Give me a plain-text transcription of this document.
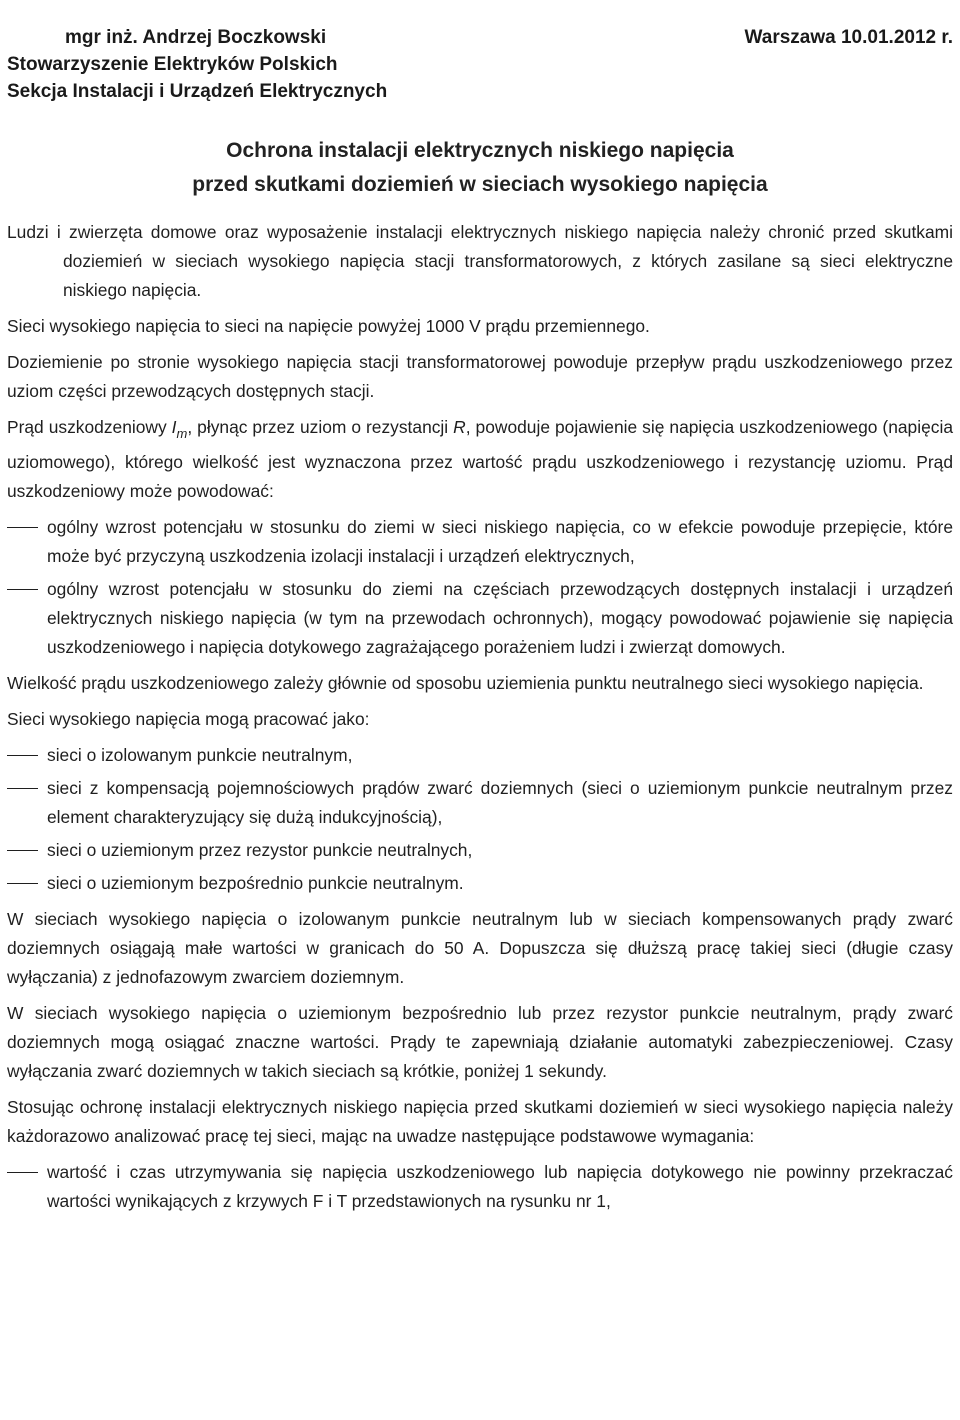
mgr inż. Andrzej Boczkowski
Stowarzyszenie Elektryków Polskich
Sekcja Instalacji i Urządzeń Elektrycznych
Warszawa 10.01.2012 r.
Ochrona instalacji elektrycznych niskiego napięcia
przed skutkami doziemień w sieciach wysokiego napięcia

Ludzi i zwierzęta domowe oraz wyposażenie instalacji elektrycznych niskiego napięcia należy chronić przed skutkami doziemień w sieciach wysokiego napięcia stacji transformatorowych, z których zasilane są sieci elektryczne niskiego napięcia.

Sieci wysokiego napięcia to sieci na napięcie powyżej 1000 V prądu przemiennego.

Doziemienie po stronie wysokiego napięcia stacji transformatorowej powoduje przepływ prądu uszkodzeniowego przez uziom części przewodzących dostępnych stacji.

Prąd uszkodzeniowy $I_m$, płynąc przez uziom o rezystancji R, powoduje pojawienie się napięcia uszkodzeniowego (napięcia uziomowego), którego wielkość jest wyznaczona przez wartość prądu uszkodzeniowego i rezystancję uziomu. Prąd uszkodzeniowy może powodować:

ogólny wzrost potencjału w stosunku do ziemi w sieci niskiego napięcia, co w efekcie powoduje przepięcie, które może być przyczyną uszkodzenia izolacji instalacji i urządzeń elektrycznych,
ogólny wzrost potencjału w stosunku do ziemi na częściach przewodzących dostępnych instalacji i urządzeń elektrycznych niskiego napięcia (w tym na przewodach ochronnych), mogący powodować pojawienie się napięcia uszkodzeniowego i napięcia dotykowego zagrażającego porażeniem ludzi i zwierząt domowych.

Wielkość prądu uszkodzeniowego zależy głównie od sposobu uziemienia punktu neutralnego sieci wysokiego napięcia.

Sieci wysokiego napięcia mogą pracować jako:

sieci o izolowanym punkcie neutralnym,
sieci z kompensacją pojemnościowych prądów zwarć doziemnych (sieci o uziemionym punkcie neutralnym przez element charakteryzujący się dużą indukcyjnością),
sieci o uziemionym przez rezystor punkcie neutralnych,
sieci o uziemionym bezpośrednio punkcie neutralnym.

W sieciach wysokiego napięcia o izolowanym punkcie neutralnym lub w sieciach kompensowanych prądy zwarć doziemnych osiągają małe wartości w granicach do 50 A. Dopuszcza się dłuższą pracę takiej sieci (długie czasy wyłączania) z jednofazowym zwarciem doziemnym.

W sieciach wysokiego napięcia o uziemionym bezpośrednio lub przez rezystor punkcie neutralnym, prądy zwarć doziemnych mogą osiągać znaczne wartości. Prądy te zapewniają działanie automatyki zabezpieczeniowej. Czasy wyłączania zwarć doziemnych w takich sieciach są krótkie, poniżej 1 sekundy.

Stosując ochronę instalacji elektrycznych niskiego napięcia przed skutkami doziemień w sieci wysokiego napięcia należy każdorazowo analizować pracę tej sieci, mając na uwadze następujące podstawowe wymagania:

wartość i czas utrzymywania się napięcia uszkodzeniowego lub napięcia dotykowego nie powinny przekraczać wartości wynikających z krzywych F i T przedstawionych na rysunku nr 1,
